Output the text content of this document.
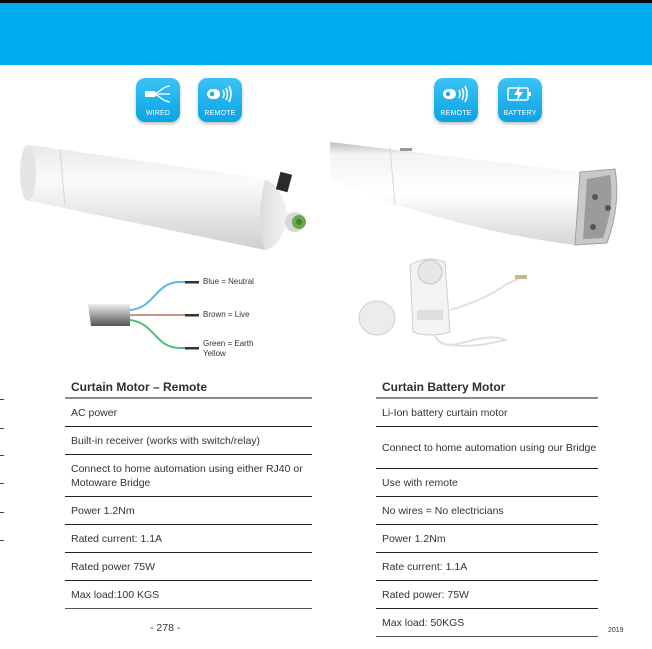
WIRED	REMOTE	REMOTE	BATTERY
Blue = Neutral
Brown = Live
Green = Earth
Yellow
Curtain Motor – Remote
AC power
Built-in receiver (works with switch/relay)
Connect to home automation using either RJ40 or Motoware Bridge
Power 1.2Nm
Rated current: 1.1A
Rated power 75W
Max load:100 KGS
Curtain Battery Motor
Li-Ion battery curtain motor
Connect to home automation using our Bridge
Use with remote
No wires = No electricians
Power 1.2Nm
Rate current: 1.1A
Rated power: 75W
Max load: 50KGS
- 278 -	2019
